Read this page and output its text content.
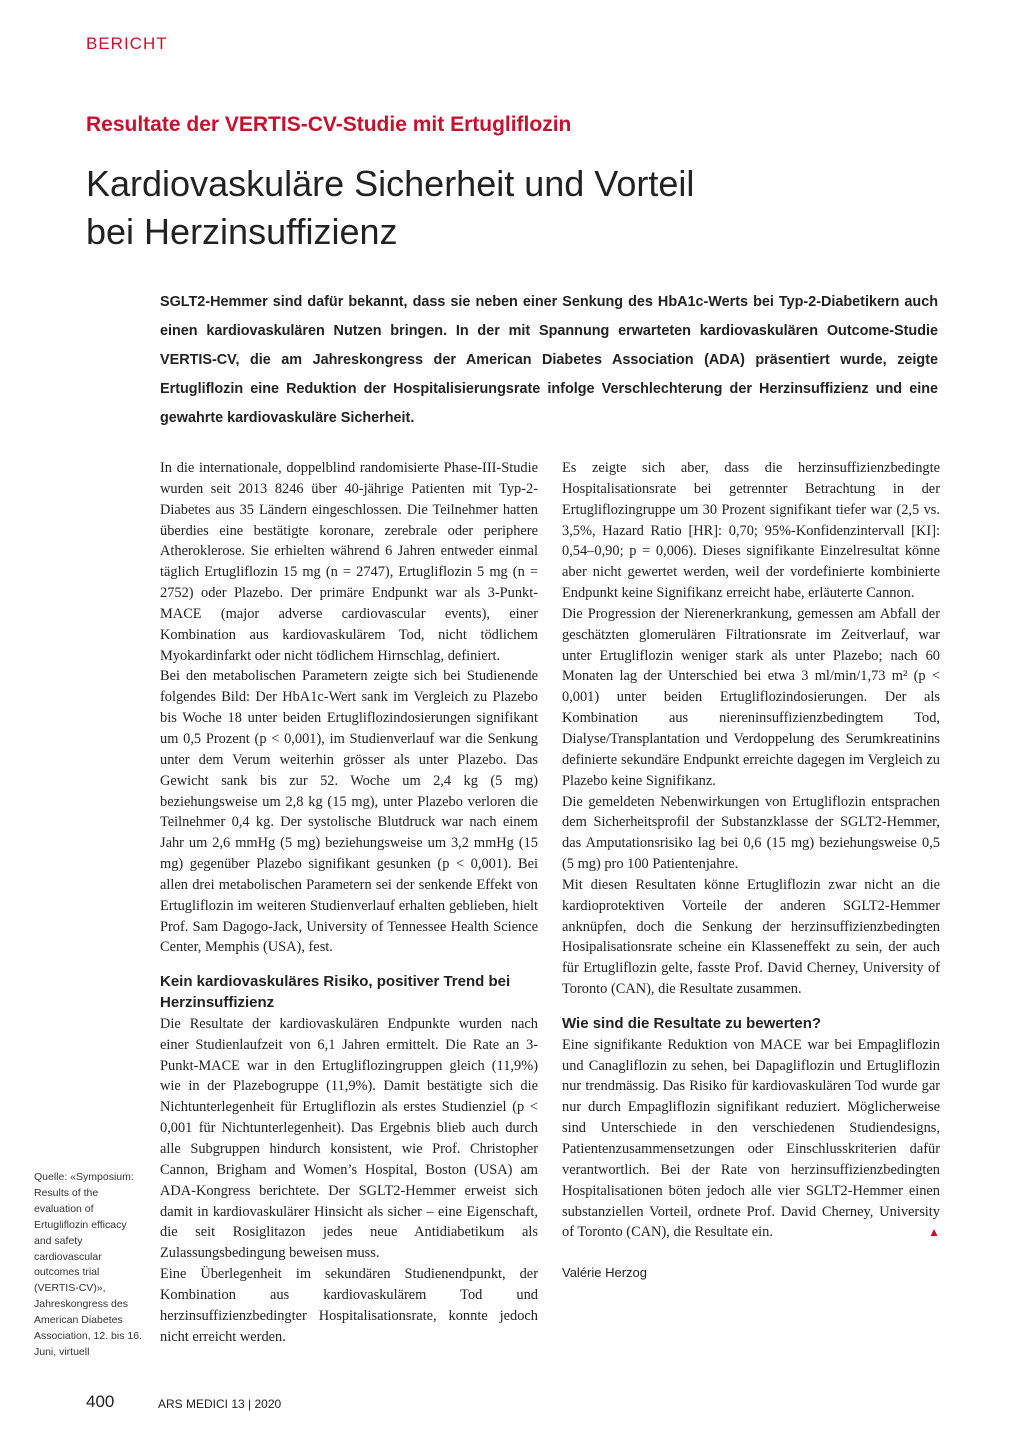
BERICHT
Resultate der VERTIS-CV-Studie mit Ertugliflozin
Kardiovaskuläre Sicherheit und Vorteil
bei Herzinsuffizienz

SGLT2-Hemmer sind dafür bekannt, dass sie neben einer Senkung des HbA1c-Werts bei Typ-2-Diabetikern auch einen kardiovaskulären Nutzen bringen. In der mit Spannung erwarteten kardiovaskulären Outcome-Studie VERTIS-CV, die am Jahreskongress der American Diabetes Association (ADA) präsentiert wurde, zeigte Ertugliflozin eine Reduktion der Hospitalisierungsrate infolge Verschlechterung der Herzinsuffizienz und eine gewahrte kardiovaskuläre Sicherheit.

In die internationale, doppelblind randomisierte Phase-III-Studie wurden seit 2013 8246 über 40-jährige Patienten mit Typ-2-Diabetes aus 35 Ländern eingeschlossen. Die Teilnehmer hatten überdies eine bestätigte koronare, zerebrale oder periphere Atheroklerose. Sie erhielten während 6 Jahren entweder einmal täglich Ertugliflozin 15 mg (n = 2747), Ertugliflozin 5 mg (n = 2752) oder Plazebo. Der primäre Endpunkt war als 3-Punkt-MACE (major adverse cardiovascular events), einer Kombination aus kardiovaskulärem Tod, nicht tödlichem Myokardinfarkt oder nicht tödlichem Hirnschlag, definiert.

Bei den metabolischen Parametern zeigte sich bei Studienende folgendes Bild: Der HbA1c-Wert sank im Vergleich zu Plazebo bis Woche 18 unter beiden Ertugliflozindosierungen signifikant um 0,5 Prozent (p < 0,001), im Studienverlauf war die Senkung unter dem Verum weiterhin grösser als unter Plazebo. Das Gewicht sank bis zur 52. Woche um 2,4 kg (5 mg) beziehungsweise um 2,8 kg (15 mg), unter Plazebo verloren die Teilnehmer 0,4 kg. Der systolische Blutdruck war nach einem Jahr um 2,6 mmHg (5 mg) beziehungsweise um 3,2 mmHg (15 mg) gegenüber Plazebo signifikant gesunken (p < 0,001). Bei allen drei metabolischen Parametern sei der senkende Effekt von Ertugliflozin im weiteren Studienverlauf erhalten geblieben, hielt Prof. Sam Dagogo-Jack, University of Tennessee Health Science Center, Memphis (USA), fest.

Kein kardiovaskuläres Risiko, positiver Trend bei Herzinsuffizienz

Die Resultate der kardiovaskulären Endpunkte wurden nach einer Studienlaufzeit von 6,1 Jahren ermittelt. Die Rate an 3-Punkt-MACE war in den Ertugliflozingruppen gleich (11,9%) wie in der Plazebogruppe (11,9%). Damit bestätigte sich die Nichtunterlegenheit für Ertugliflozin als erstes Studienziel (p < 0,001 für Nichtunterlegenheit). Das Ergebnis blieb auch durch alle Subgruppen hindurch konsistent, wie Prof. Christopher Cannon, Brigham and Women’s Hospital, Boston (USA) am ADA-Kongress berichtete. Der SGLT2-Hemmer erweist sich damit in kardiovaskulärer Hinsicht als sicher – eine Eigenschaft, die seit Rosiglitazon jedes neue Antidiabetikum als Zulassungsbedingung beweisen muss.

Eine Überlegenheit im sekundären Studienendpunkt, der Kombination aus kardiovaskulärem Tod und herzinsuffizienzbedingter Hospitalisationsrate, konnte jedoch nicht erreicht werden.

Es zeigte sich aber, dass die herzinsuffizienzbedingte Hospitalisationsrate bei getrennter Betrachtung in der Ertugliflozingruppe um 30 Prozent signifikant tiefer war (2,5 vs. 3,5%, Hazard Ratio [HR]: 0,70; 95%-Konfidenzintervall [KI]: 0,54–0,90; p = 0,006). Dieses signifikante Einzelresultat könne aber nicht gewertet werden, weil der vordefinierte kombinierte Endpunkt keine Signifikanz erreicht habe, erläuterte Cannon.

Die Progression der Nierenerkrankung, gemessen am Abfall der geschätzten glomerulären Filtrationsrate im Zeitverlauf, war unter Ertugliflozin weniger stark als unter Plazebo; nach 60 Monaten lag der Unterschied bei etwa 3 ml/min/1,73 m² (p < 0,001) unter beiden Ertugliflozindosierungen. Der als Kombination aus niereninsuffizienzbedingtem Tod, Dialyse/Transplantation und Verdoppelung des Serumkreatinins definierte sekundäre Endpunkt erreichte dagegen im Vergleich zu Plazebo keine Signifikanz.

Die gemeldeten Nebenwirkungen von Ertugliflozin entsprachen dem Sicherheitsprofil der Substanzklasse der SGLT2-Hemmer, das Amputationsrisiko lag bei 0,6 (15 mg) beziehungsweise 0,5 (5 mg) pro 100 Patientenjahre.

Mit diesen Resultaten könne Ertugliflozin zwar nicht an die kardioprotektiven Vorteile der anderen SGLT2-Hemmer anknüpfen, doch die Senkung der herzinsuffizienzbedingten Hosipalisationsrate scheine ein Klasseneffekt zu sein, der auch für Ertugliflozin gelte, fasste Prof. David Cherney, University of Toronto (CAN), die Resultate zusammen.

Wie sind die Resultate zu bewerten?

Eine signifikante Reduktion von MACE war bei Empagliflozin und Canagliflozin zu sehen, bei Dapagliflozin und Ertugliflozin nur trendmässig. Das Risiko für kardiovaskulären Tod wurde gar nur durch Empagliflozin signifikant reduziert. Möglicherweise sind Unterschiede in den verschiedenen Studiendesigns, Patientenzusammensetzungen oder Einschlusskriterien dafür verantwortlich. Bei der Rate von herzinsuffizienzbedingten Hospitalisationen böten jedoch alle vier SGLT2-Hemmer einen substanziellen Vorteil, ordnete Prof. David Cherney, University of Toronto (CAN), die Resultate ein.	▲

Valérie Herzog

Quelle: «Symposium: Results of the evaluation of Ertugliflozin efficacy and safety cardiovascular outcomes trial (VERTIS-CV)», Jahreskongress des American Diabetes Association, 12. bis 16. Juni, virtuell
400	ARS MEDICI 13 | 2020
